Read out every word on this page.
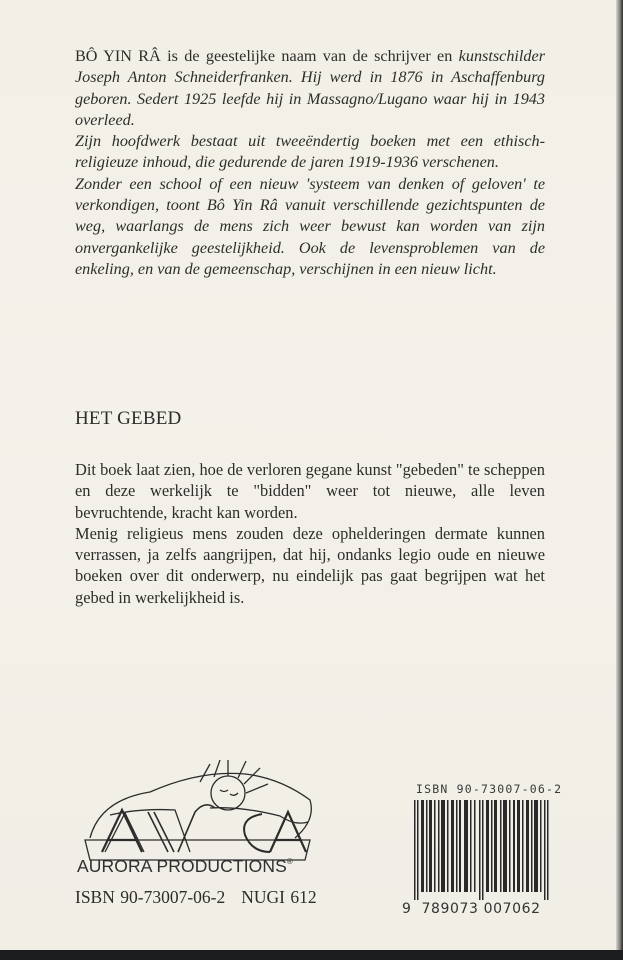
BÔ YIN RÂ is de geestelijke naam van de schrijver en kunstschilder Joseph Anton Schneiderfranken. Hij werd in 1876 in Aschaffenburg geboren. Sedert 1925 leefde hij in Massagno/Lugano waar hij in 1943 overleed.

Zijn hoofdwerk bestaat uit tweeëndertig boeken met een ethisch-religieuze inhoud, die gedurende de jaren 1919-1936 verschenen.

Zonder een school of een nieuw 'systeem van denken of geloven' te verkondigen, toont Bô Yin Râ vanuit verschillende gezichtspunten de weg, waarlangs de mens zich weer bewust kan worden van zijn onvergankelijke geestelijkheid. Ook de levensproblemen van de enkeling, en van de gemeenschap, verschijnen in een nieuw licht.

HET GEBED

Dit boek laat zien, hoe de verloren gegane kunst "gebeden" te scheppen en deze werkelijk te "bidden" weer tot nieuwe, alle leven bevruchtende, kracht kan worden.

Menig religieus mens zouden deze ophelderingen dermate kunnen verrassen, ja zelfs aangrijpen, dat hij, ondanks legio oude en nieuwe boeken over dit onderwerp, nu eindelijk pas gaat begrijpen wat het gebed in werkelijkheid is.

AURORA PRODUCTIONS®
ISBN 90-73007-06-2 NUGI 612
ISBN 90-73007-06-2
9 789073 007062
